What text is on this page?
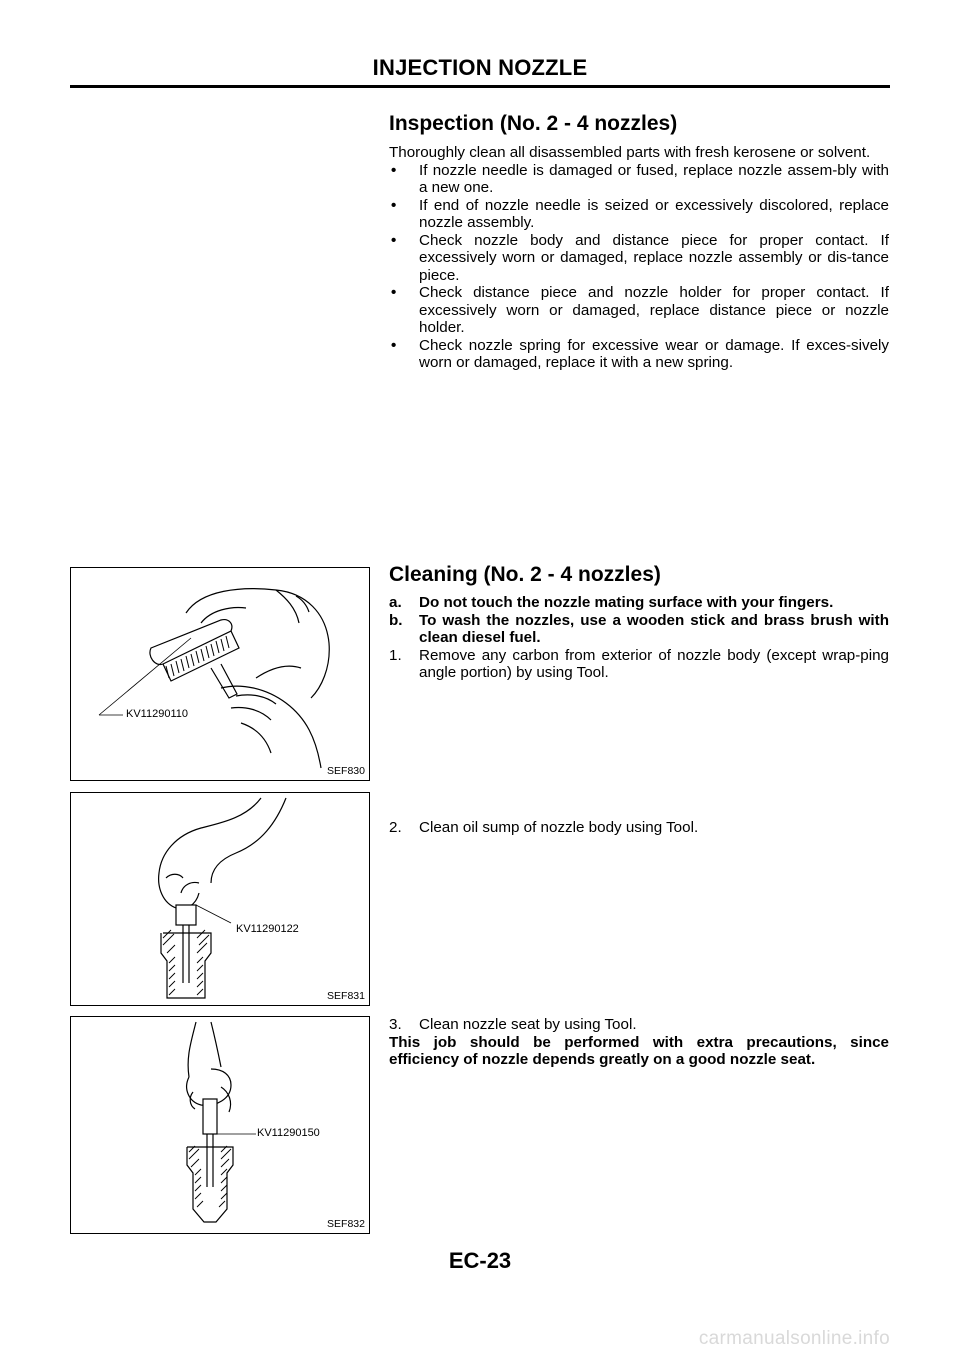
INJECTION NOZZLE
Inspection (No. 2 - 4 nozzles)

Thoroughly clean all disassembled parts with fresh kerosene or solvent.

• If nozzle needle is damaged or fused, replace nozzle assem-bly with a new one.
• If end of nozzle needle is seized or excessively discolored, replace nozzle assembly.
• Check nozzle body and distance piece for proper contact. If excessively worn or damaged, replace nozzle assembly or dis-tance piece.
• Check distance piece and nozzle holder for proper contact. If excessively worn or damaged, replace distance piece or nozzle holder.
• Check nozzle spring for excessive wear or damage. If exces-sively worn or damaged, replace it with a new spring.
Cleaning (No. 2 - 4 nozzles)
a. Do not touch the nozzle mating surface with your fingers.
b. To wash the nozzles, use a wooden stick and brass brush with clean diesel fuel.
1. Remove any carbon from exterior of nozzle body (except wrap-ping angle portion) by using Tool.
2. Clean oil sump of nozzle body using Tool.
3. Clean nozzle seat by using Tool.

This job should be performed with extra precautions, since efficiency of nozzle depends greatly on a good nozzle seat.

KV11290110
SEF830
KV11290122
SEF831
KV11290150
SEF832
EC-23
carmanualsonline.info
